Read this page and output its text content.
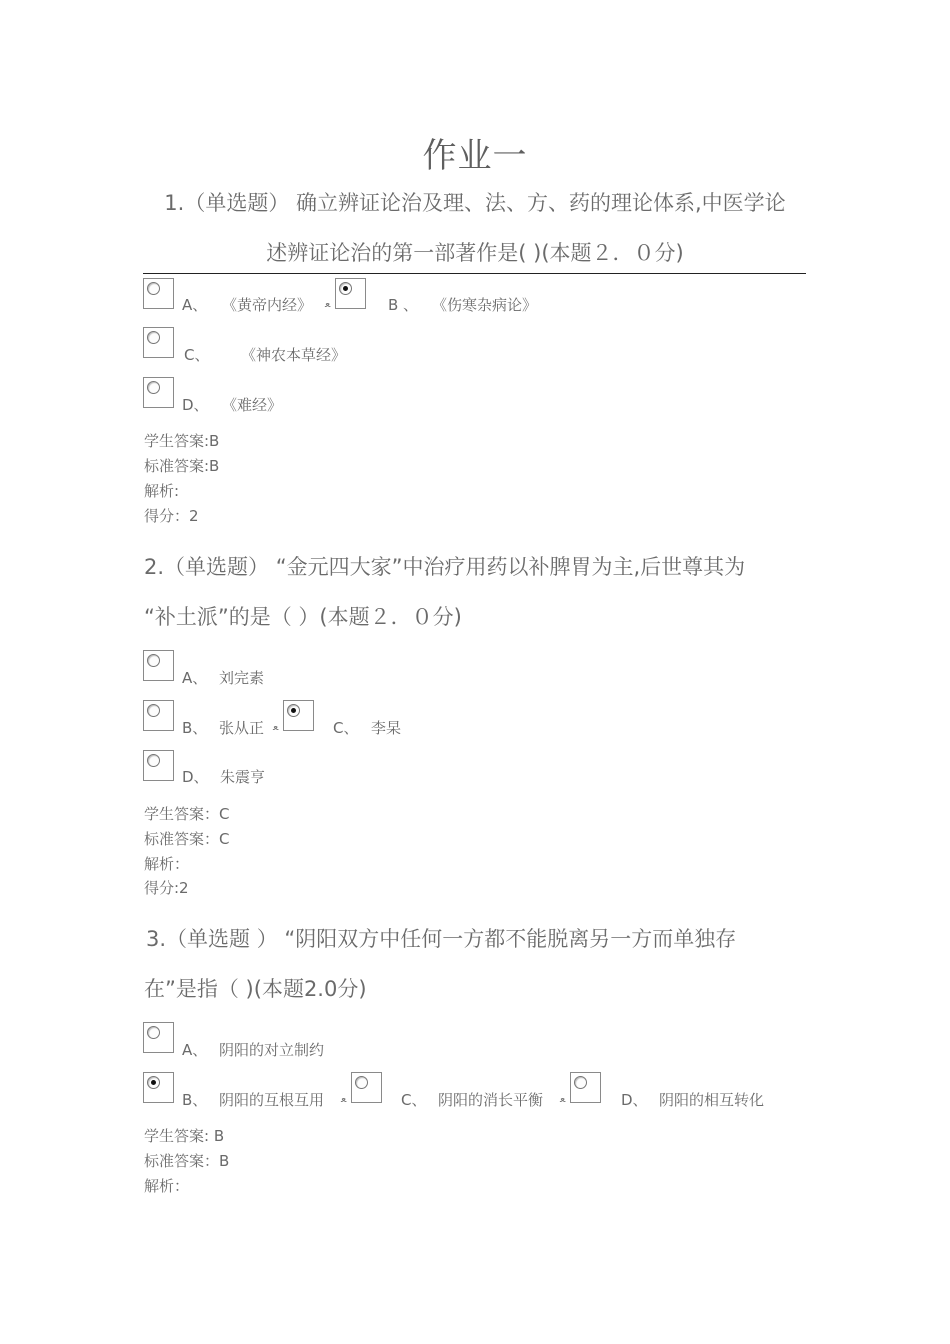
作业一
1.（单选题） 确立辨证论治及理、法、方、药的理论体系,中医学论
述辨证论治的第一部著作是( )(本题２．０分)
A、 《黄帝内经》 ﻌ	B 、 《伤寒杂病论》
C、 《神农本草经》
D、 《难经》
学生答案:B
标准答案:B
解析:
得分：2
2.（单选题） “金元四大家”中治疗用药以补脾胃为主,后世尊其为
“补土派”的是（ ）(本题２．０分)
A、 刘完素
B、 张从正 ﻌ	C、 李杲
D、 朱震亨
学生答案：C
标准答案：C
解析：
得分:2
3.（单选题 ） “阴阳双方中任何一方都不能脱离另一方而单独存
在”是指（ )(本题2.0分)
A、 阴阳的对立制约
B、 阴阳的互根互用 ﻌ	C、 阴阳的消长平衡 ﻌ	D、 阴阳的相互转化
学生答案: B
标准答案：B
解析：
